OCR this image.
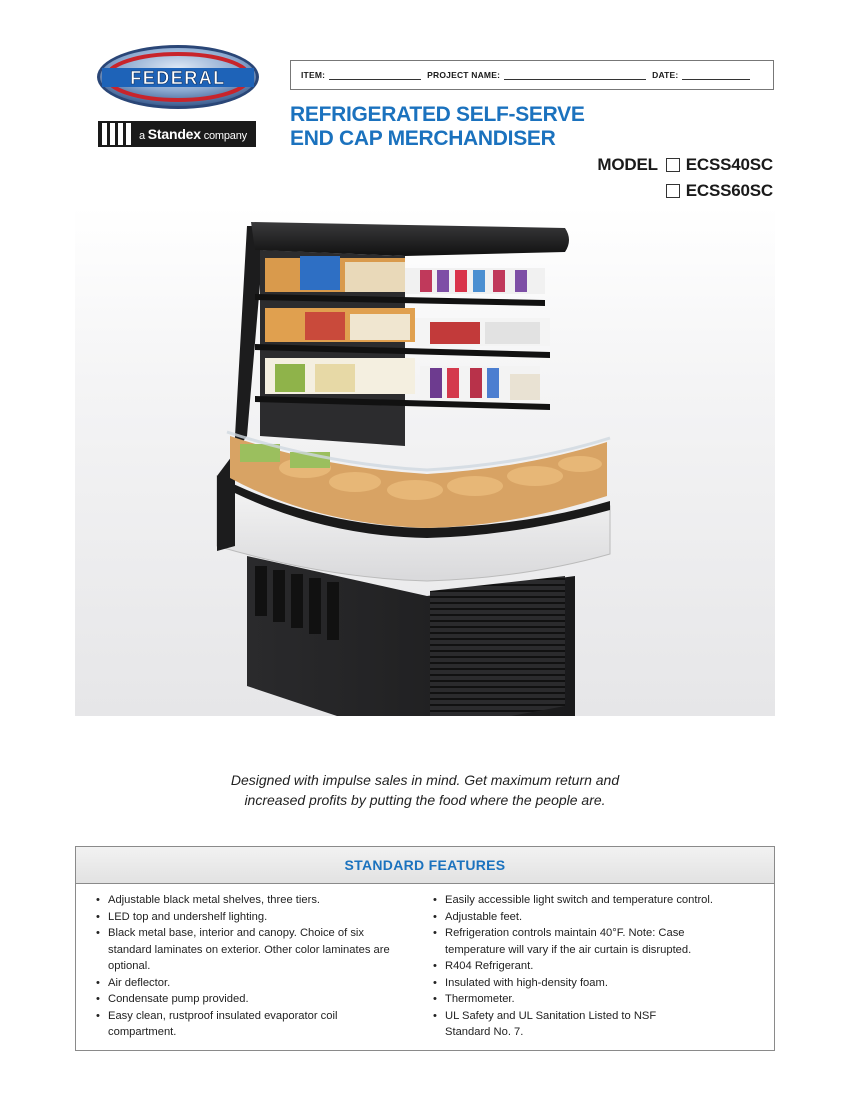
FEDERAL
a Standex company
ITEM:	PROJECT NAME:	DATE:
REFRIGERATED SELF-SERVE
END CAP MERCHANDISER
MODEL ECSS40SC
ECSS60SC
Designed with impulse sales in mind. Get maximum return and
increased profits by putting the food where the people are.
STANDARD FEATURES
• Adjustable black metal shelves, three tiers.
• LED top and undershelf lighting.
• Black metal base, interior and canopy. Choice of six standard laminates on exterior. Other color laminates are optional.
• Air deflector.
• Condensate pump provided.
• Easy clean, rustproof insulated evaporator coil compartment.
• Easily accessible light switch and temperature control.
• Adjustable feet.
• Refrigeration controls maintain 40°F. Note: Case temperature will vary if the air curtain is disrupted.
• R404 Refrigerant.
• Insulated with high-density foam.
• Thermometer.
• UL Safety and UL Sanitation Listed to NSF Standard No. 7.
